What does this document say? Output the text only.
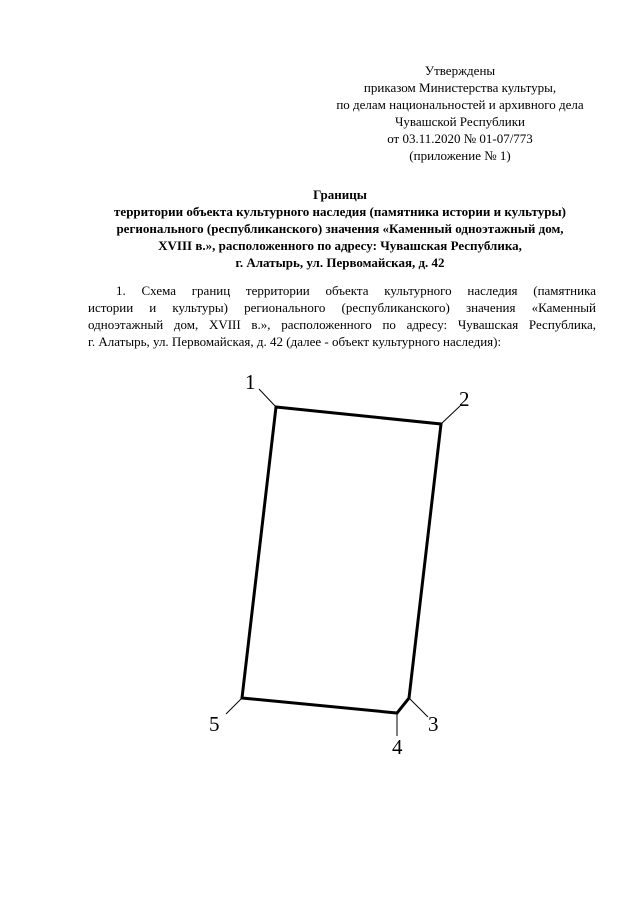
Утверждены
приказом Министерства культуры,
по делам национальностей и архивного дела
Чувашской Республики
от 03.11.2020 № 01-07/773
(приложение № 1)
Границы
территории объекта культурного наследия (памятника истории и культуры)
регионального (республиканского) значения «Каменный одноэтажный дом,
XVIII в.», расположенного по адресу: Чувашская Республика,
г. Алатырь, ул. Первомайская, д. 42
1. Схема границ территории объекта культурного наследия (памятника
истории и культуры) регионального (республиканского) значения «Каменный
одноэтажный дом, XVIII в.», расположенного по адресу: Чувашская Республика,
г. Алатырь, ул. Первомайская, д. 42 (далее - объект культурного наследия):
1
2
3
4
5
